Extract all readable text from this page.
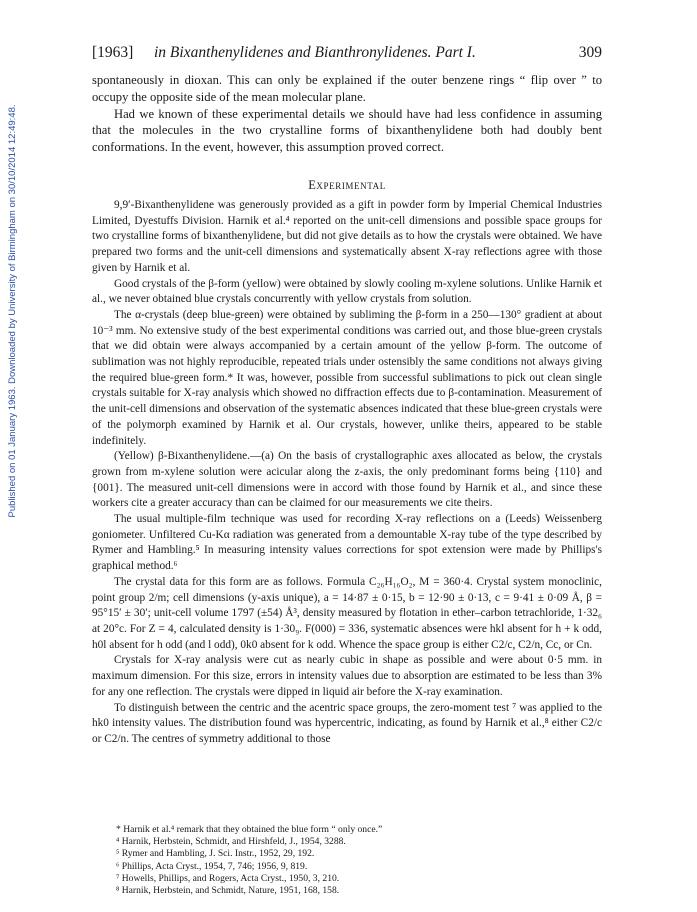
[1963] in Bixanthenylidenes and Bianthronylidenes. Part I.	309
Published on 01 January 1963. Downloaded by University of Birmingham on 30/10/2014 12:49:48.

spontaneously in dioxan. This can only be explained if the outer benzene rings “ flip over ” to occupy the opposite side of the mean molecular plane.

Had we known of these experimental details we should have had less confidence in assuming that the molecules in the two crystalline forms of bixanthenylidene both had doubly bent conformations. In the event, however, this assumption proved correct.

Experimental

9,9′-Bixanthenylidene was generously provided as a gift in powder form by Imperial Chemical Industries Limited, Dyestuffs Division. Harnik et al.⁴ reported on the unit-cell dimensions and possible space groups for two crystalline forms of bixanthenylidene, but did not give details as to how the crystals were obtained. We have prepared two forms and the unit-cell dimensions and systematically absent X-ray reflections agree with those given by Harnik et al.

Good crystals of the β-form (yellow) were obtained by slowly cooling m-xylene solutions. Unlike Harnik et al., we never obtained blue crystals concurrently with yellow crystals from solution.

The α-crystals (deep blue-green) were obtained by subliming the β-form in a 250—130° gradient at about 10⁻³ mm. No extensive study of the best experimental conditions was carried out, and those blue-green crystals that we did obtain were always accompanied by a certain amount of the yellow β-form. The outcome of sublimation was not highly reproducible, repeated trials under ostensibly the same conditions not always giving the required blue-green form.* It was, however, possible from successful sublimations to pick out clean single crystals suitable for X-ray analysis which showed no diffraction effects due to β-contamination. Measurement of the unit-cell dimensions and observation of the systematic absences indicated that these blue-green crystals were of the polymorph examined by Harnik et al. Our crystals, however, unlike theirs, appeared to be stable indefinitely.

(Yellow) β-Bixanthenylidene.—(a) On the basis of crystallographic axes allocated as below, the crystals grown from m-xylene solution were acicular along the z-axis, the only predominant forms being {110} and {001}. The measured unit-cell dimensions were in accord with those found by Harnik et al., and since these workers cite a greater accuracy than can be claimed for our measurements we cite theirs.

The usual multiple-film technique was used for recording X-ray reflections on a (Leeds) Weissenberg goniometer. Unfiltered Cu-Kα radiation was generated from a demountable X-ray tube of the type described by Rymer and Hambling.⁵ In measuring intensity values corrections for spot extension were made by Phillips's graphical method.⁶

The crystal data for this form are as follows. Formula C₂₆H₁₆O₂, M = 360·4. Crystal system monoclinic, point group 2/m; cell dimensions (y-axis unique), a = 14·87 ± 0·15, b = 12·90 ± 0·13, c = 9·41 ± 0·09 Å, β = 95°15′ ± 30′; unit-cell volume 1797 (±54) Å³, density measured by flotation in ether–carbon tetrachloride, 1·32₆ at 20°c. For Z = 4, calculated density is 1·30₉. F(000) = 336, systematic absences were hkl absent for h + k odd, h0l absent for h odd (and l odd), 0k0 absent for k odd. Whence the space group is either C2/c, C2/n, Cc, or Cn.

Crystals for X-ray analysis were cut as nearly cubic in shape as possible and were about 0·5 mm. in maximum dimension. For this size, errors in intensity values due to absorption are estimated to be less than 3% for any one reflection. The crystals were dipped in liquid air before the X-ray examination.

To distinguish between the centric and the acentric space groups, the zero-moment test ⁷ was applied to the hk0 intensity values. The distribution found was hypercentric, indicating, as found by Harnik et al.,⁸ either C2/c or C2/n. The centres of symmetry additional to those

* Harnik et al.⁴ remark that they obtained the blue form “ only once.”
⁴ Harnik, Herbstein, Schmidt, and Hirshfeld, J., 1954, 3288.
⁵ Rymer and Hambling, J. Sci. Instr., 1952, 29, 192.
⁶ Phillips, Acta Cryst., 1954, 7, 746; 1956, 9, 819.
⁷ Howells, Phillips, and Rogers, Acta Cryst., 1950, 3, 210.
⁸ Harnik, Herbstein, and Schmidt, Nature, 1951, 168, 158.
